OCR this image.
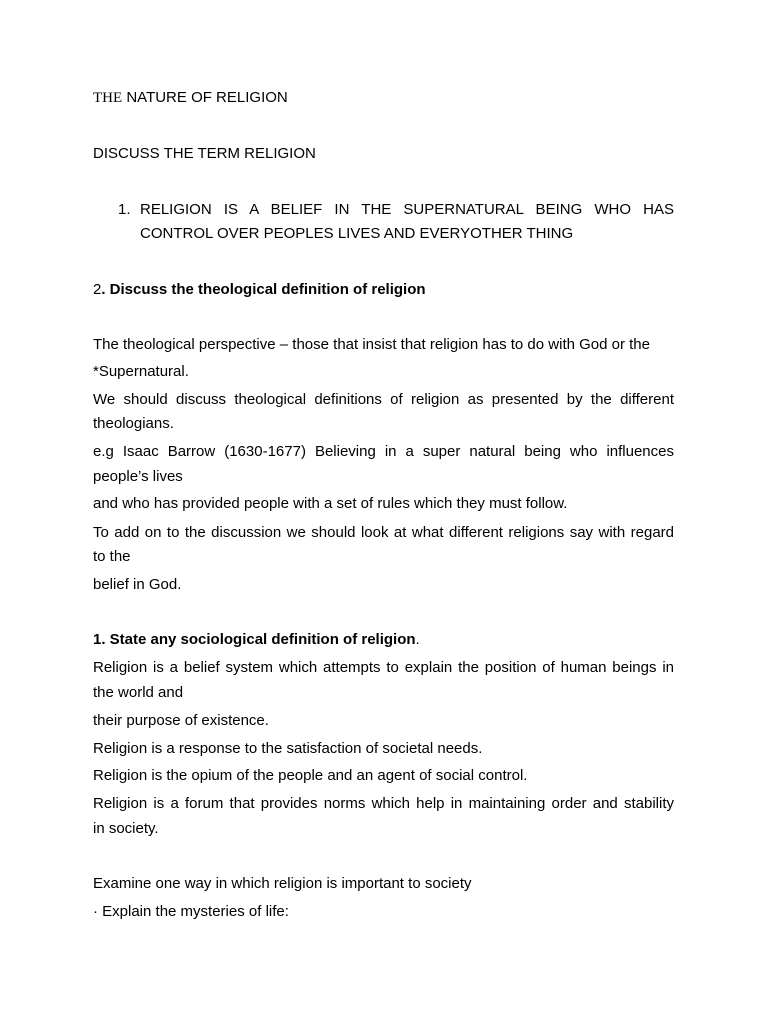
THE NATURE OF RELIGION

DISCUSS THE TERM RELIGION

1. RELIGION IS A BELIEF IN THE SUPERNATURAL BEING WHO HAS

CONTROL OVER PEOPLES LIVES AND EVERYOTHER THING

2. Discuss the theological definition of religion

The theological perspective – those that insist that religion has to do with God or the

*Supernatural.

We should discuss theological definitions of religion as presented by the different

theologians.

e.g Isaac Barrow (1630-1677) Believing in a super natural being who influences

people’s lives

and who has provided people with a set of rules which they must follow.

To add on to the discussion we should look at what different religions say with regard

to the

belief in God.

1. State any sociological definition of religion.

Religion is a belief system which attempts to explain the position of human beings in

the world and

their purpose of existence.

Religion is a response to the satisfaction of societal needs.

Religion is the opium of the people and an agent of social control.

Religion is a forum that provides norms which help in maintaining order and stability

in society.

Examine one way in which religion is important to society

· Explain the mysteries of life:
